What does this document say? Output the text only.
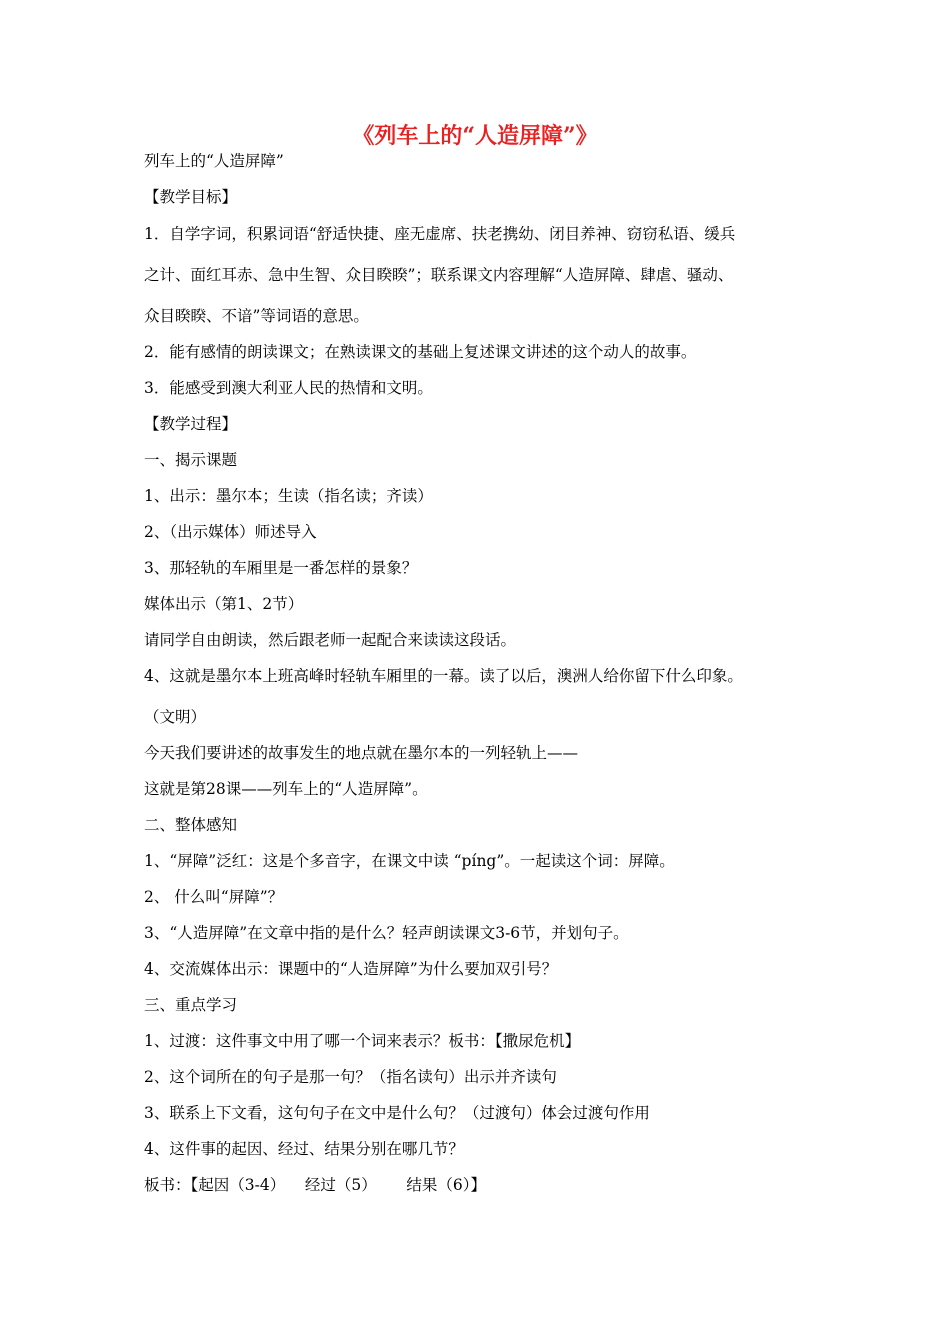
《列车上的“人造屏障”》
列车上的“人造屏障”
【教学目标】
1．自学字词，积累词语“舒适快捷、座无虚席、扶老携幼、闭目养神、窃窃私语、缓兵
之计、面红耳赤、急中生智、众目睽睽”；联系课文内容理解“人造屏障、肆虐、骚动、
众目睽睽、不谙”等词语的意思。
2．能有感情的朗读课文；在熟读课文的基础上复述课文讲述的这个动人的故事。
3．能感受到澳大利亚人民的热情和文明。
【教学过程】
一、揭示课题
1、出示：墨尔本；生读（指名读；齐读）
2、（出示媒体）师述导入
3、那轻轨的车厢里是一番怎样的景象？
媒体出示（第1、2节）
请同学自由朗读，然后跟老师一起配合来读读这段话。
4、这就是墨尔本上班高峰时轻轨车厢里的一幕。读了以后，澳洲人给你留下什么印象。
（文明）
今天我们要讲述的故事发生的地点就在墨尔本的一列轻轨上——
这就是第28课——列车上的“人造屏障”。
二、整体感知
1、“屏障”泛红：这是个多音字，在课文中读 “píng”。一起读这个词：屏障。
2、 什么叫“屏障”？
3、“人造屏障”在文章中指的是什么？轻声朗读课文3-6节，并划句子。
4、交流媒体出示：课题中的“人造屏障”为什么要加双引号？
三、重点学习
1、过渡：这件事文中用了哪一个词来表示？板书：【撒尿危机】
2、这个词所在的句子是那一句？（指名读句）出示并齐读句
3、联系上下文看，这句句子在文中是什么句？（过渡句）体会过渡句作用
4、这件事的起因、经过、结果分别在哪几节？
板书：【起因（3-4）    经过（5）      结果（6）】
